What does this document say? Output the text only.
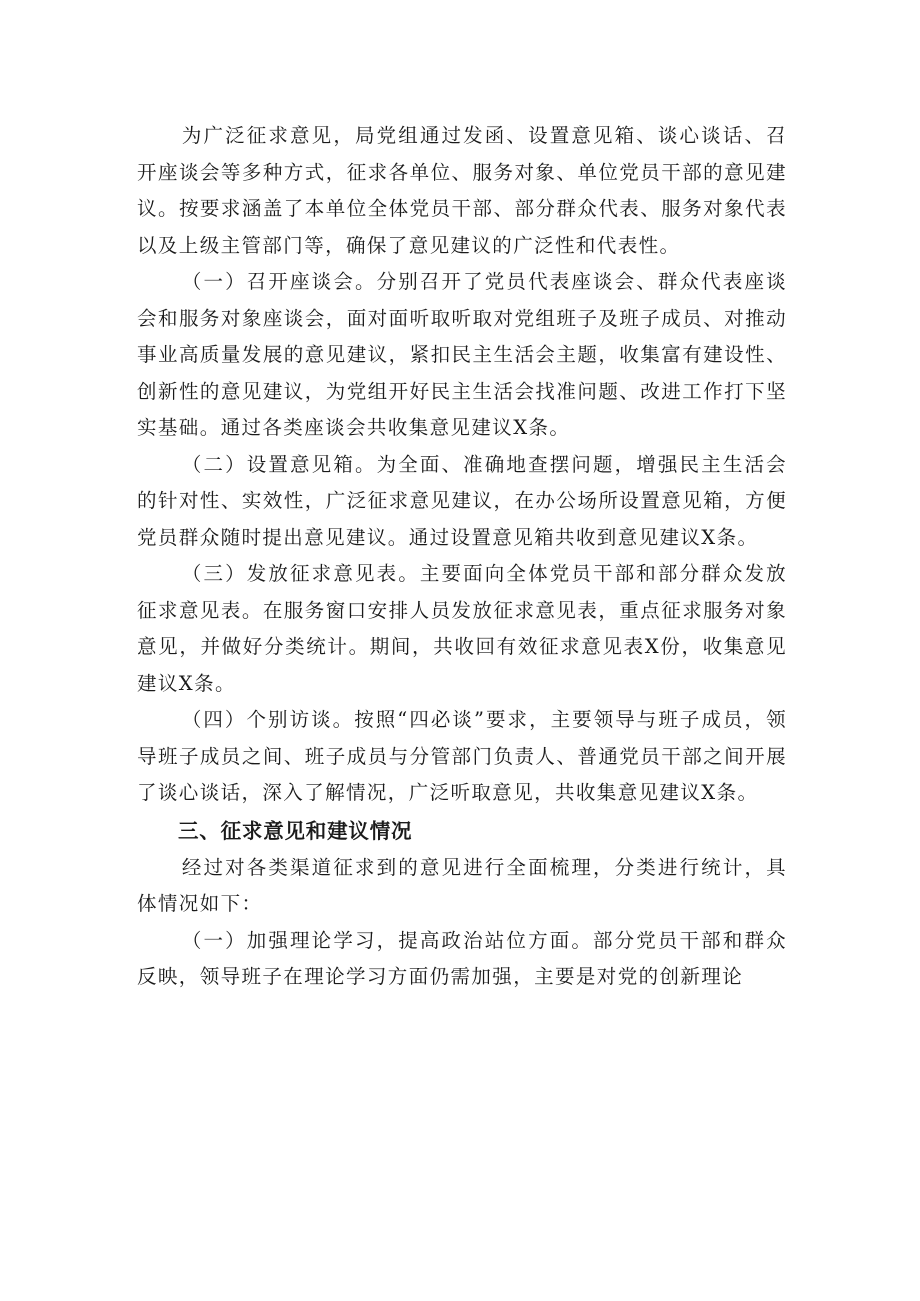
为广泛征求意见，局党组通过发函、设置意见箱、谈心谈话、召开座谈会等多种方式，征求各单位、服务对象、单位党员干部的意见建议。按要求涵盖了本单位全体党员干部、部分群众代表、服务对象代表以及上级主管部门等，确保了意见建议的广泛性和代表性。

（一）召开座谈会。分别召开了党员代表座谈会、群众代表座谈会和服务对象座谈会，面对面听取听取对党组班子及班子成员、对推动事业高质量发展的意见建议，紧扣民主生活会主题，收集富有建设性、创新性的意见建议，为党组开好民主生活会找准问题、改进工作打下坚实基础。通过各类座谈会共收集意见建议X条。

（二）设置意见箱。为全面、准确地查摆问题，增强民主生活会的针对性、实效性，广泛征求意见建议，在办公场所设置意见箱，方便党员群众随时提出意见建议。通过设置意见箱共收到意见建议X条。

（三）发放征求意见表。主要面向全体党员干部和部分群众发放征求意见表。在服务窗口安排人员发放征求意见表，重点征求服务对象意见，并做好分类统计。期间，共收回有效征求意见表X份，收集意见建议X条。

（四）个别访谈。按照“四必谈”要求，主要领导与班子成员，领导班子成员之间、班子成员与分管部门负责人、普通党员干部之间开展了谈心谈话，深入了解情况，广泛听取意见，共收集意见建议X条。

三、征求意见和建议情况

经过对各类渠道征求到的意见进行全面梳理，分类进行统计，具体情况如下：

（一）加强理论学习，提高政治站位方面。部分党员干部和群众反映，领导班子在理论学习方面仍需加强，主要是对党的创新理论
